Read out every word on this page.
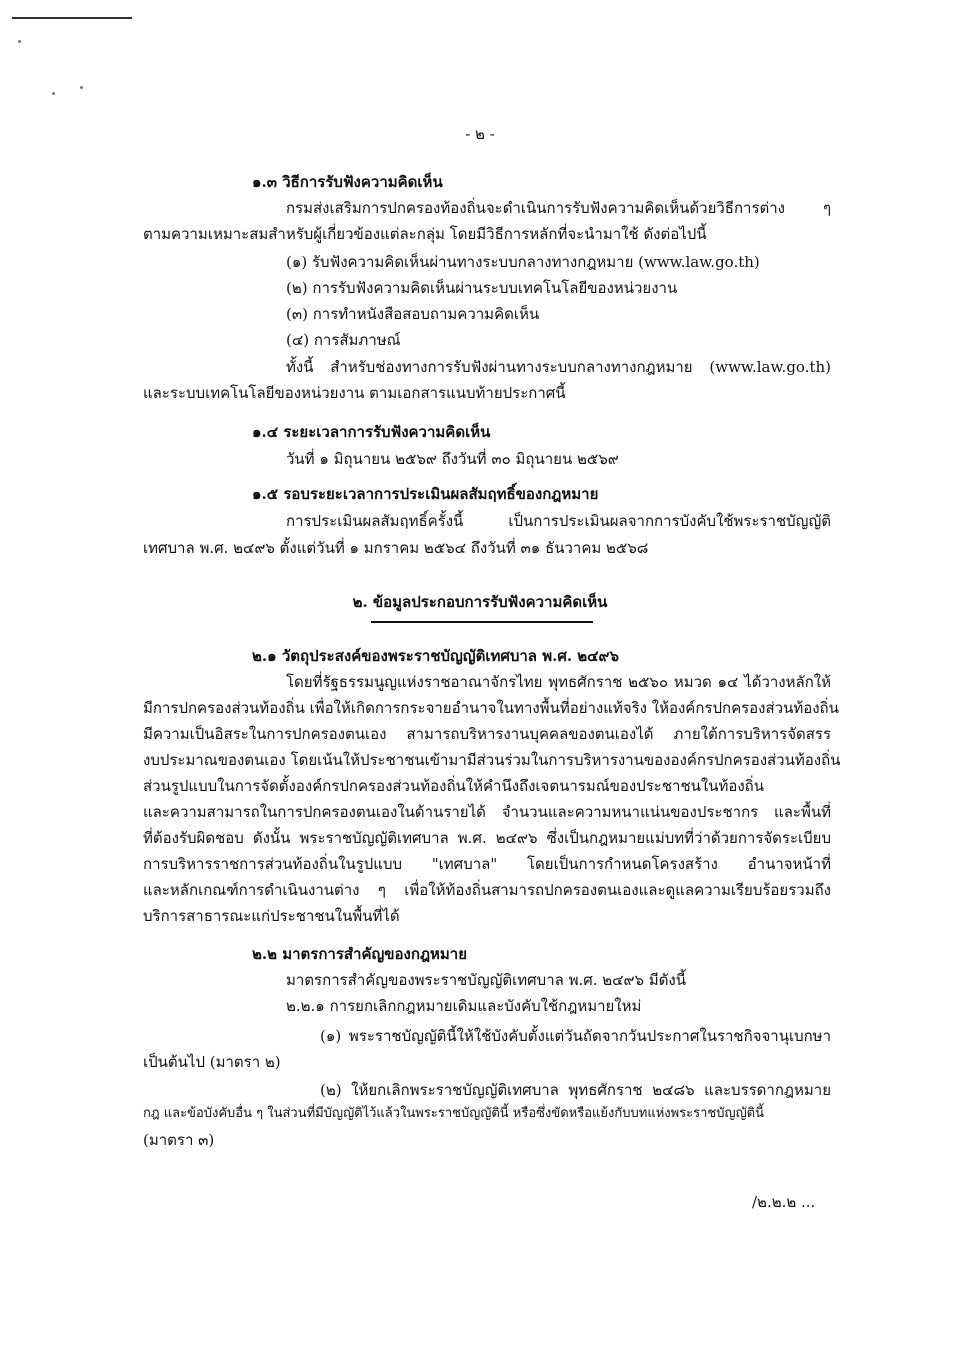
- ๒ -
๑.๓ วิธีการรับฟังความคิดเห็น
กรมส่งเสริมการปกครองท้องถิ่นจะดำเนินการรับฟังความคิดเห็นด้วยวิธีการต่าง ๆ
ตามความเหมาะสมสำหรับผู้เกี่ยวข้องแต่ละกลุ่ม โดยมีวิธีการหลักที่จะนำมาใช้ ดังต่อไปนี้
(๑) รับฟังความคิดเห็นผ่านทางระบบกลางทางกฎหมาย (www.law.go.th)
(๒) การรับฟังความคิดเห็นผ่านระบบเทคโนโลยีของหน่วยงาน
(๓) การทำหนังสือสอบถามความคิดเห็น
(๔) การสัมภาษณ์
ทั้งนี้ สำหรับช่องทางการรับฟังผ่านทางระบบกลางทางกฎหมาย (www.law.go.th)
และระบบเทคโนโลยีของหน่วยงาน ตามเอกสารแนบท้ายประกาศนี้
๑.๔ ระยะเวลาการรับฟังความคิดเห็น
วันที่ ๑ มิถุนายน ๒๕๖๙ ถึงวันที่ ๓๐ มิถุนายน ๒๕๖๙
๑.๕ รอบระยะเวลาการประเมินผลสัมฤทธิ์ของกฎหมาย
การประเมินผลสัมฤทธิ์ครั้งนี้ เป็นการประเมินผลจากการบังคับใช้พระราชบัญญัติ
เทศบาล พ.ศ. ๒๔๙๖ ตั้งแต่วันที่ ๑ มกราคม ๒๕๖๔ ถึงวันที่ ๓๑ ธันวาคม ๒๕๖๘
๒. ข้อมูลประกอบการรับฟังความคิดเห็น
๒.๑ วัตถุประสงค์ของพระราชบัญญัติเทศบาล พ.ศ. ๒๔๙๖
โดยที่รัฐธรรมนูญแห่งราชอาณาจักรไทย พุทธศักราช ๒๕๖๐ หมวด ๑๔ ได้วางหลักให้
มีการปกครองส่วนท้องถิ่น เพื่อให้เกิดการกระจายอำนาจในทางพื้นที่อย่างแท้จริง ให้องค์กรปกครองส่วนท้องถิ่น
มีความเป็นอิสระในการปกครองตนเอง สามารถบริหารงานบุคคลของตนเองได้ ภายใต้การบริหารจัดสรร
งบประมาณของตนเอง โดยเน้นให้ประชาชนเข้ามามีส่วนร่วมในการบริหารงานขององค์กรปกครองส่วนท้องถิ่น
ส่วนรูปแบบในการจัดตั้งองค์กรปกครองส่วนท้องถิ่นให้คำนึงถึงเจตนารมณ์ของประชาชนในท้องถิ่น
และความสามารถในการปกครองตนเองในด้านรายได้ จำนวนและความหนาแน่นของประชากร และพื้นที่
ที่ต้องรับผิดชอบ ดังนั้น พระราชบัญญัติเทศบาล พ.ศ. ๒๔๙๖ ซึ่งเป็นกฎหมายแม่บทที่ว่าด้วยการจัดระเบียบ
การบริหารราชการส่วนท้องถิ่นในรูปแบบ "เทศบาล" โดยเป็นการกำหนดโครงสร้าง อำนาจหน้าที่
และหลักเกณฑ์การดำเนินงานต่าง ๆ เพื่อให้ท้องถิ่นสามารถปกครองตนเองและดูแลความเรียบร้อยรวมถึง
บริการสาธารณะแก่ประชาชนในพื้นที่ได้
๒.๒ มาตรการสำคัญของกฎหมาย
มาตรการสำคัญของพระราชบัญญัติเทศบาล พ.ศ. ๒๔๙๖ มีดังนี้
๒.๒.๑ การยกเลิกกฎหมายเดิมและบังคับใช้กฎหมายใหม่
(๑) พระราชบัญญัตินี้ให้ใช้บังคับตั้งแต่วันถัดจากวันประกาศในราชกิจจานุเบกษา
เป็นต้นไป (มาตรา ๒)
(๒) ให้ยกเลิกพระราชบัญญัติเทศบาล พุทธศักราช ๒๔๘๖ และบรรดากฎหมาย
กฎ และข้อบังคับอื่น ๆ ในส่วนที่มีบัญญัติไว้แล้วในพระราชบัญญัตินี้ หรือซึ่งขัดหรือแย้งกับบทแห่งพระราชบัญญัตินี้
(มาตรา ๓)
/๒.๒.๒ ...
